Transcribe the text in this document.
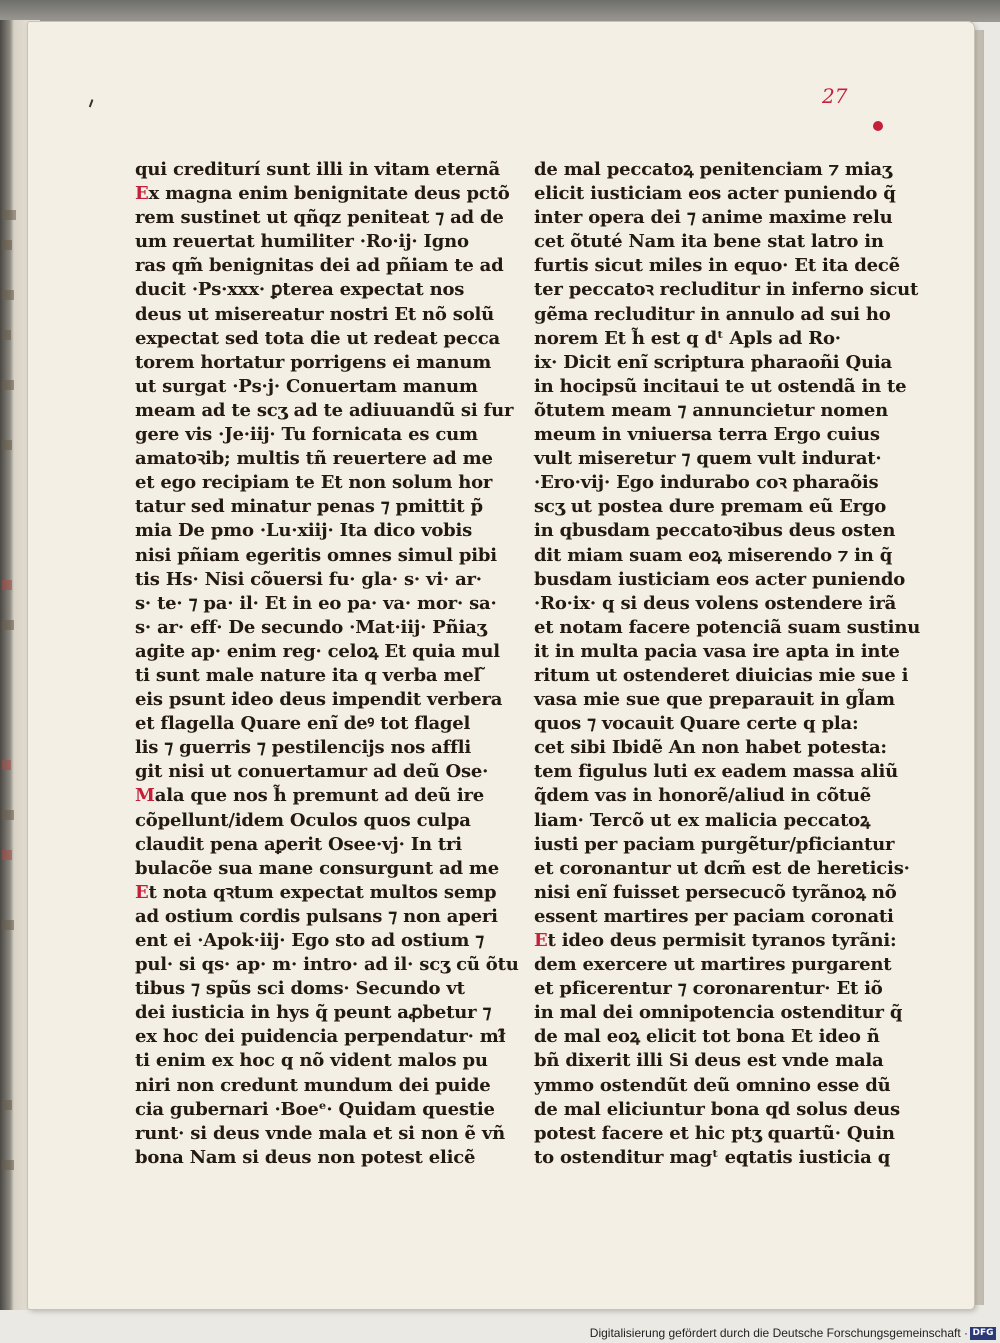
27
qui crediturí sunt illi in vitam eternã
Ex magna enim benignitate deus pctõ
rem sustinet ut qñqz peniteat ⁊ ad de
um reuertat humiliter ·Ro·ij· Igno
ras qm̃ benignitas dei ad pñiam te ad
ducit ·Ps·xxx· ꝑterea expectat nos
deus ut misereatur nostri Et nõ solũ
expectat sed tota die ut redeat pecca
torem hortatur porrigens ei manum
ut surgat ·Ps·j· Conuertam manum
meam ad te scʒ ad te adiuuandũ si fur
gere vis ·Je·iij· Tu fornicata es cum
amatoꝛib; multis tñ reuertere ad me
et ego recipiam te Et non solum hor
tatur sed minatur penas ⁊ pmittit p̃
mia De pmo ·Lu·xiij· Ita dico vobis
nisi pñiam egeritis omnes simul pibi
tis Hs· Nisi cõuersi fu· gla· s· vi· ar·
s· te· ⁊ pa· il· Et in eo pa· va· mor· sa·
s· ar· eff· De secundo ·Mat·iij· Pñiaʒ
agite ap· enim reg· celoꝝ Et quia mul
ti sunt male nature ita q verba mel ̃
eis psunt ideo deus impendit verbera
et flagella Quare enĩ deꝰ tot flagel
lis ⁊ guerris ⁊ pestilencijs nos affli
git nisi ut conuertamur ad deũ Ose·
Mala que nos h̃ premunt ad deũ ire
cõpellunt/idem Oculos quos culpa
claudit pena aꝑerit Osee·vj· In tri
bulacõe sua mane consurgunt ad me
Et nota qꝛtum expectat multos semp
ad ostium cordis pulsans ⁊ non aperi
ent ei ·Apok·iij· Ego sto ad ostium ⁊
pul· si qs· ap· m· intro· ad il· scʒ cũ õtu
tibus ⁊ spũs sci doms· Secundo vt
dei iusticia in hys q̃ peunt aꝓbetur ⁊
ex hoc dei puidencia perpendatur· mł̃
ti enim ex hoc q nõ vident malos pu
niri non credunt mundum dei puide
cia gubernari ·Boeᵉ· Quidam questie
runt· si deus vnde mala et si non ẽ vñ
bona Nam si deus non potest elicẽ
de mal peccatoꝝ penitenciam ⁊ miaʒ
elicit iusticiam eos acter puniendo q̃
inter opera dei ⁊ anime maxime relu
cet õtuté Nam ita bene stat latro in
furtis sicut miles in equo· Et ita decẽ
ter peccatoꝛ recluditur in inferno sicut
gẽma recluditur in annulo ad sui ho
norem Et h̃ est q dᵗ Apls ad Ro·
ix· Dicit enĩ scriptura pharaoñi Quia
in hocipsũ incitaui te ut ostendã in te
õtutem meam ⁊ annuncietur nomen
meum in vniuersa terra Ergo cuius
vult miseretur ⁊ quem vult indurat·
·Ero·vij· Ego indurabo coꝛ pharaõis
scʒ ut postea dure premam eũ Ergo
in qbusdam peccatoꝛibus deus osten
dit miam suam eoꝝ miserendo ⁊ in q̃
busdam iusticiam eos acter puniendo
·Ro·ix· q si deus volens ostendere irã
et notam facere potenciã suam sustinu
it in multa pacia vasa ire apta in inte
ritum ut ostenderet diuicias mie sue i
vasa mie sue que preparauit in gl̃am
quos ⁊ vocauit Quare certe q pla:
cet sibi Ibidẽ An non habet potesta:
tem figulus luti ex eadem massa aliũ
q̃dem vas in honorẽ/aliud in cõtuẽ
liam· Tercõ ut ex malicia peccatoꝝ
iusti per paciam purgẽtur/pficiantur
et coronantur ut dcm̃ est de hereticis·
nisi enĩ fuisset persecucõ tyrãnoꝝ nõ
essent martires per paciam coronati
Et ideo deus permisit tyranos tyrãni:
dem exercere ut martires purgarent
et pficerentur ⁊ coronarentur· Et iõ
in mal dei omnipotencia ostenditur q̃
de mal eoꝝ elicit tot bona Et ideo ñ
bñ dixerit illi Si deus est vnde mala
ymmo ostendũt deũ omnino esse dũ
de mal eliciuntur bona qd solus deus
potest facere et hic ptʒ quartũ· Quin
to ostenditur magᵗ eqtatis iusticia q
Digitalisierung gefördert durch die Deutsche Forschungsgemeinschaft · DFG
